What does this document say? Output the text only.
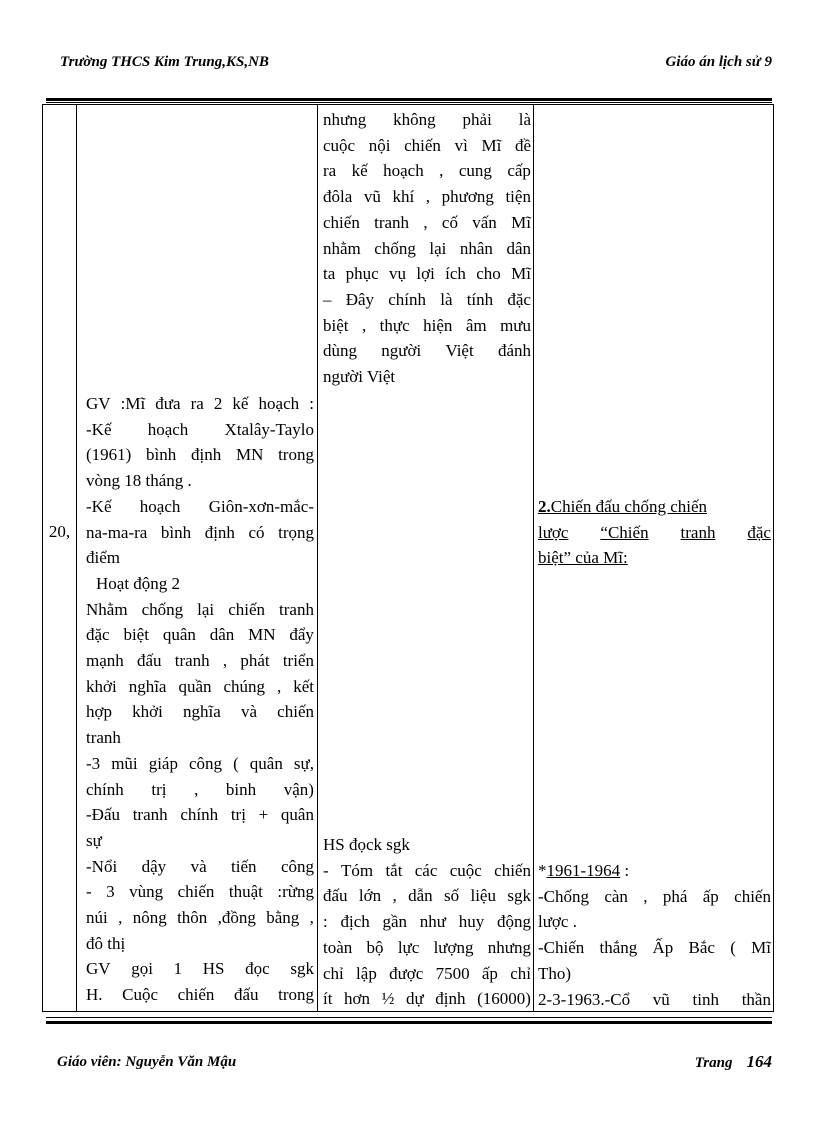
Trường THCS Kim Trung,KS,NB	Giáo án lịch sử 9
20,
GV :Mĩ đưa ra 2 kế hoạch :
-Kế hoạch Xtalây-Taylo
(1961) bình định MN trong
vòng 18 tháng .
-Kế hoạch Giôn-xơn-mắc-
na-ma-ra bình định có trọng
điểm
Hoạt động 2
Nhằm chống lại chiến tranh
đặc biệt quân dân MN đẩy
mạnh đấu tranh , phát triển
khởi nghĩa quần chúng , kết
hợp khởi nghĩa và chiến
tranh
-3 mũi giáp công ( quân sự,
chính trị , binh vận)
-Đấu tranh chính trị + quân
sự
-Nổi dậy và tiến công
- 3 vùng chiến thuật :rừng
núi , nông thôn ,đồng bằng ,
đô thị
GV gọi 1 HS đọc sgk
H. Cuộc chiến đấu trong
nhưng không phải là
cuộc nội chiến vì Mĩ đề
ra kế hoạch , cung cấp
đôla vũ khí , phương tiện
chiến tranh , cố vấn Mĩ
nhằm chống lại nhân dân
ta phục vụ lợi ích cho Mĩ
– Đây chính là tính đặc
biệt , thực hiện âm mưu
dùng người Việt đánh
người Việt
HS đọck sgk
- Tóm tắt các cuộc chiến
đấu lớn , dẫn số liệu sgk
: địch gần như huy động
toàn bộ lực lượng nhưng
chỉ lập được 7500 ấp chỉ
ít hơn ½ dự định (16000)
2.Chiến đấu chống chiến
lược “Chiến tranh đặc
biệt” của Mĩ:
*1961-1964 :
-Chống càn , phá ấp chiến
lược .
-Chiến thắng Ấp Bắc ( Mĩ
Tho)
2-3-1963.-Cổ vũ tinh thần
Giáo viên: Nguyễn Văn Mậu	Trang 164
